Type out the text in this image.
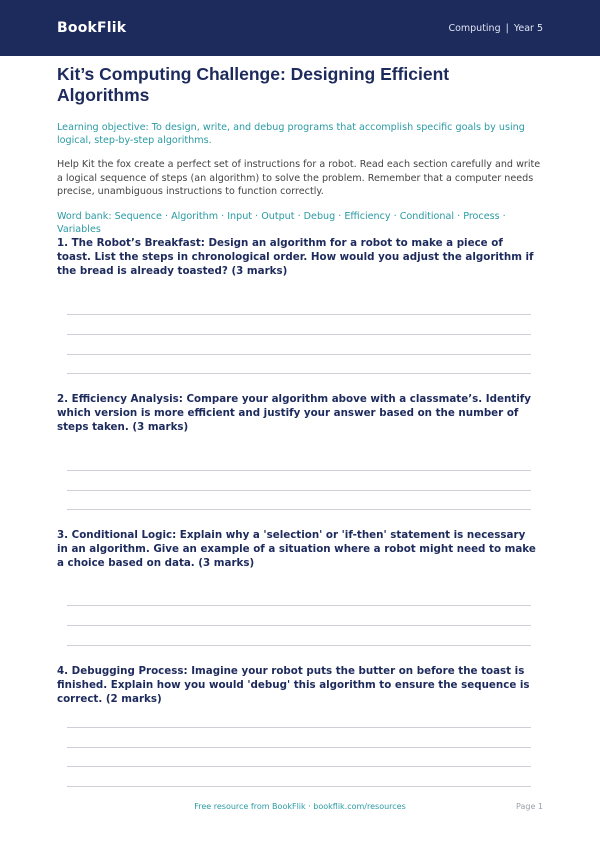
BookFlik	Computing | Year 5
Kit’s Computing Challenge: Designing Efficient Algorithms
Learning objective: To design, write, and debug programs that accomplish specific goals by using logical, step-by-step algorithms.
Help Kit the fox create a perfect set of instructions for a robot. Read each section carefully and write a logical sequence of steps (an algorithm) to solve the problem. Remember that a computer needs precise, unambiguous instructions to function correctly.
Word bank: Sequence · Algorithm · Input · Output · Debug · Efficiency · Conditional · Process · Variables
1. The Robot’s Breakfast: Design an algorithm for a robot to make a piece of toast. List the steps in chronological order. How would you adjust the algorithm if the bread is already toasted? (3 marks)
2. Efficiency Analysis: Compare your algorithm above with a classmate’s. Identify which version is more efficient and justify your answer based on the number of steps taken. (3 marks)
3. Conditional Logic: Explain why a 'selection' or 'if-then' statement is necessary in an algorithm. Give an example of a situation where a robot might need to make a choice based on data. (3 marks)
4. Debugging Process: Imagine your robot puts the butter on before the toast is finished. Explain how you would 'debug' this algorithm to ensure the sequence is correct. (2 marks)
Free resource from BookFlik · bookflik.com/resources	Page 1
